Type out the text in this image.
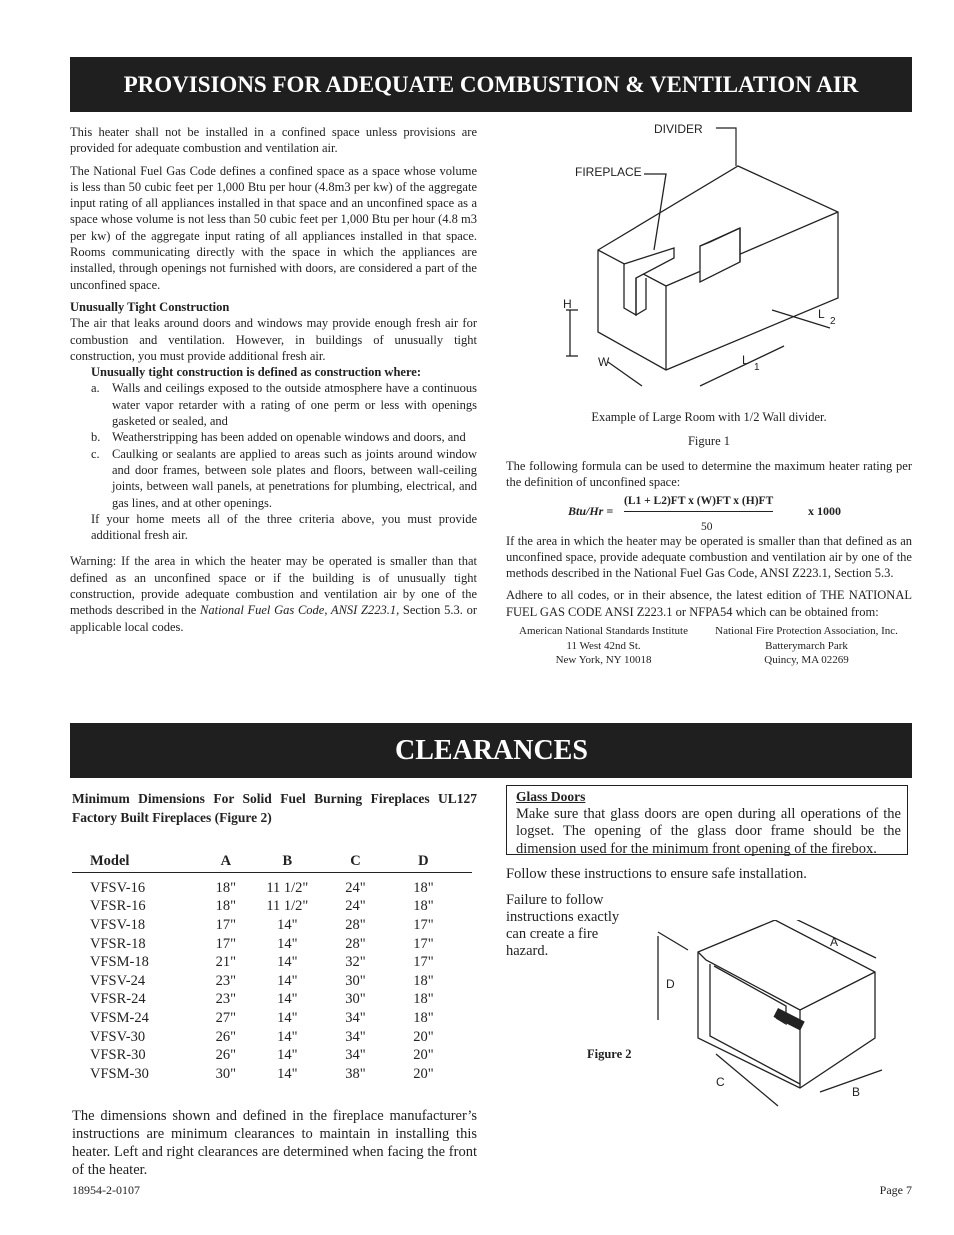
PROVISIONS FOR ADEQUATE COMBUSTION & VENTILATION AIR

This heater shall not be installed in a confined space unless provisions are provided for adequate combustion and ventilation air.

The National Fuel Gas Code defines a confined space as a space whose volume is less than 50 cubic feet per 1,000 Btu per hour (4.8m3 per kw) of the aggregate input rating of all appliances installed in that space and an unconfined space as a space whose volume is not less than 50 cubic feet per 1,000 Btu per hour (4.8 m3 per kw) of the aggregate input rating of all appliances installed in that space. Rooms communicating directly with the space in which the appliances are installed, through openings not furnished with doors, are considered a part of the unconfined space.

Unusually Tight Construction

The air that leaks around doors and windows may provide enough fresh air for combustion and ventilation. However, in buildings of unusually tight construction, you must provide additional fresh air.

Unusually tight construction is defined as construction where:
a. Walls and ceilings exposed to the outside atmosphere have a continuous water vapor retarder with a rating of one perm or less with openings gasketed or sealed, and
b. Weatherstripping has been added on openable windows and doors, and
c. Caulking or sealants are applied to areas such as joints around window and door frames, between sole plates and floors, between wall-ceiling joints, between wall panels, at penetrations for plumbing, electrical, and gas lines, and at other openings.

If your home meets all of the three criteria above, you must provide additional fresh air.

Warning: If the area in which the heater may be operated is smaller than that defined as an unconfined space or if the building is of unusually tight construction, provide adequate combustion and ventilation air by one of the methods described in the National Fuel Gas Code, ANSI Z223.1, Section 5.3. or applicable local codes.

DIVIDER
FIREPLACE
H
W	L
1
L
2
Example of Large Room with 1/2 Wall divider.
Figure 1

The following formula can be used to determine the maximum heater rating per the definition of unconfined space:

Btu/Hr =
(L1 + L2)FT x (W)FT x (H)FT
x 1000
50

If the area in which the heater may be operated is smaller than that defined as an unconfined space, provide adequate combustion and ventilation air by one of the methods described in the National Fuel Gas Code, ANSI Z223.1, Section 5.3.

Adhere to all codes, or in their absence, the latest edition of THE NATIONAL FUEL GAS CODE ANSI Z223.1 or NFPA54 which can be obtained from:

American National Standards Institute	National Fire Protection Association, Inc.
11 West 42nd St.	Batterymarch Park
New York, NY 10018	Quincy, MA 02269
CLEARANCES
Minimum Dimensions For Solid Fuel Burning Fireplaces UL127 Factory Built Fireplaces (Figure 2)
Model	A	B	C	D
VFSV-16	18"	11 1/2"	24"	18"
VFSR-16	18"	11 1/2"	24"	18"
VFSV-18	17"	14"	28"	17"
VFSR-18	17"	14"	28"	17"
VFSM-18	21"	14"	32"	17"
VFSV-24	23"	14"	30"	18"
VFSR-24	23"	14"	30"	18"
VFSM-24	27"	14"	34"	18"
VFSV-30	26"	14"	34"	20"
VFSR-30	26"	14"	34"	20"
VFSM-30	30"	14"	38"	20"
The dimensions shown and defined in the fireplace manufacturer’s instructions are minimum clearances to maintain in installing this heater. Left and right clearances are determined when facing the front of the heater.
Glass Doors
Make sure that glass doors are open during all operations of the logset. The opening of the glass door frame should be the dimension used for the minimum front opening of the firebox.
Follow these instructions to ensure safe installation.
Failure to follow instructions exactly can create a fire hazard.
Figure 2
A
B
C
D
18954-2-0107	Page 7
